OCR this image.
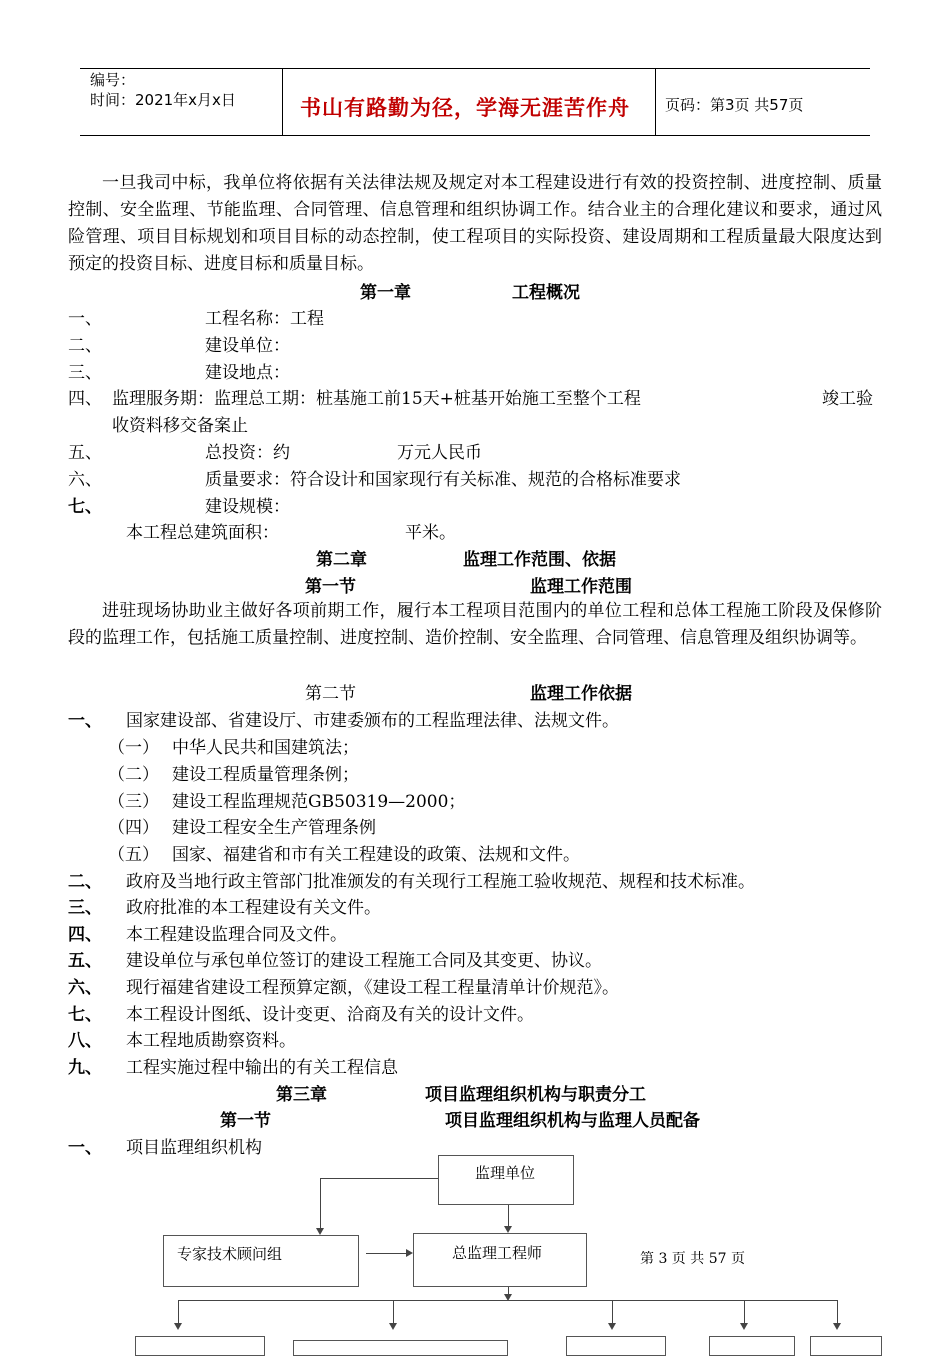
编号：
时间：2021年x月x日	书山有路勤为径，学海无涯苦作舟 页码：第3页 共57页
一旦我司中标，我单位将依据有关法律法规及规定对本工程建设进行有效的投资控制、进度控制、质量控制、安全监理、节能监理、合同管理、信息管理和组织协调工作。结合业主的合理化建议和要求，通过风险管理、项目目标规划和项目目标的动态控制，使工程项目的实际投资、建设周期和工程质量最大限度达到预定的投资目标、进度目标和质量目标。
第一章	工程概况
一、	工程名称：工程
二、	建设单位：
三、	建设地点：
四、 监理服务期：监理总工期：桩基施工前15天+桩基开始施工至整个工程	竣工验
收资料移交备案止
五、	总投资：约	万元人民币
六、	质量要求：符合设计和国家现行有关标准、规范的合格标准要求
七、	建设规模：
本工程总建筑面积：	平米。
第二章	监理工作范围、依据
第一节	监理工作范围
进驻现场协助业主做好各项前期工作，履行本工程项目范围内的单位工程和总体工程施工阶段及保修阶段的监理工作，包括施工质量控制、进度控制、造价控制、安全监理、合同管理、信息管理及组织协调等。
第二节	监理工作依据
一、 国家建设部、省建设厅、市建委颁布的工程监理法律、法规文件。
（一） 中华人民共和国建筑法；
（二） 建设工程质量管理条例；
（三） 建设工程监理规范GB50319—2000；
（四） 建设工程安全生产管理条例
（五） 国家、福建省和市有关工程建设的政策、法规和文件。
二、 政府及当地行政主管部门批准颁发的有关现行工程施工验收规范、规程和技术标准。
三、 政府批准的本工程建设有关文件。
四、 本工程建设监理合同及文件。
五、 建设单位与承包单位签订的建设工程施工合同及其变更、协议。
六、 现行福建省建设工程预算定额，《建设工程工程量清单计价规范》。
七、 本工程设计图纸、设计变更、洽商及有关的设计文件。
八、 本工程地质勘察资料。
九、 工程实施过程中输出的有关工程信息
第三章	项目监理组织机构与职责分工
第一节	项目监理组织机构与监理人员配备
一、 项目监理组织机构
监理单位
专家技术顾问组	总监理工程师	第 3 页 共 57 页
